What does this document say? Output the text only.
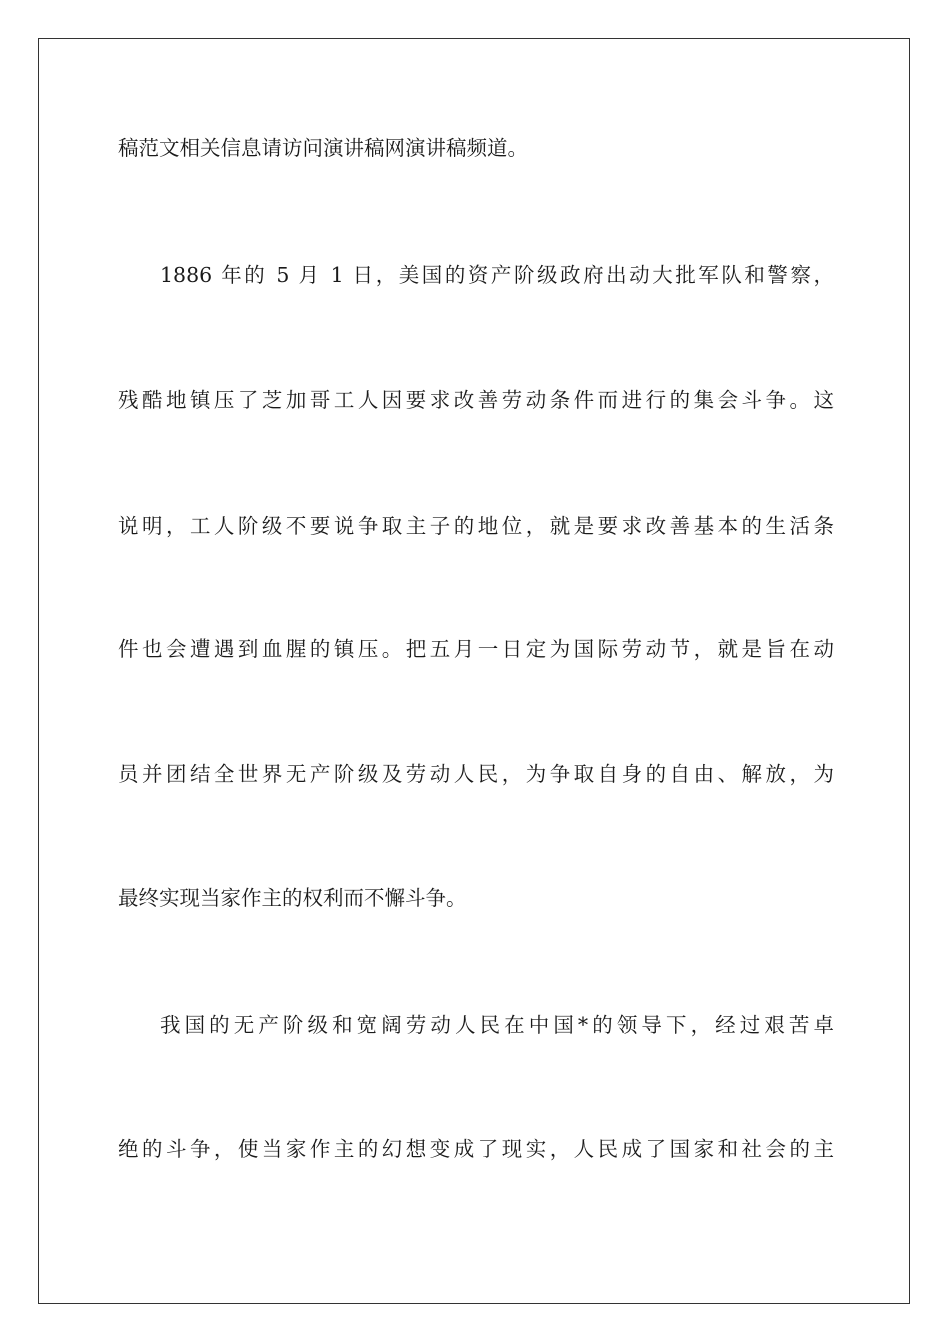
稿范文相关信息请访问演讲稿网演讲稿频道。
1886 年的 5 月 1 日，美国的资产阶级政府出动大批军队和警察，
残酷地镇压了芝加哥工人因要求改善劳动条件而进行的集会斗争。这
说明，工人阶级不要说争取主子的地位，就是要求改善基本的生活条
件也会遭遇到血腥的镇压。把五月一日定为国际劳动节，就是旨在动
员并团结全世界无产阶级及劳动人民，为争取自身的自由、解放，为
最终实现当家作主的权利而不懈斗争。
我国的无产阶级和宽阔劳动人民在中国*的领导下，经过艰苦卓
绝的斗争，使当家作主的幻想变成了现实，人民成了国家和社会的主
